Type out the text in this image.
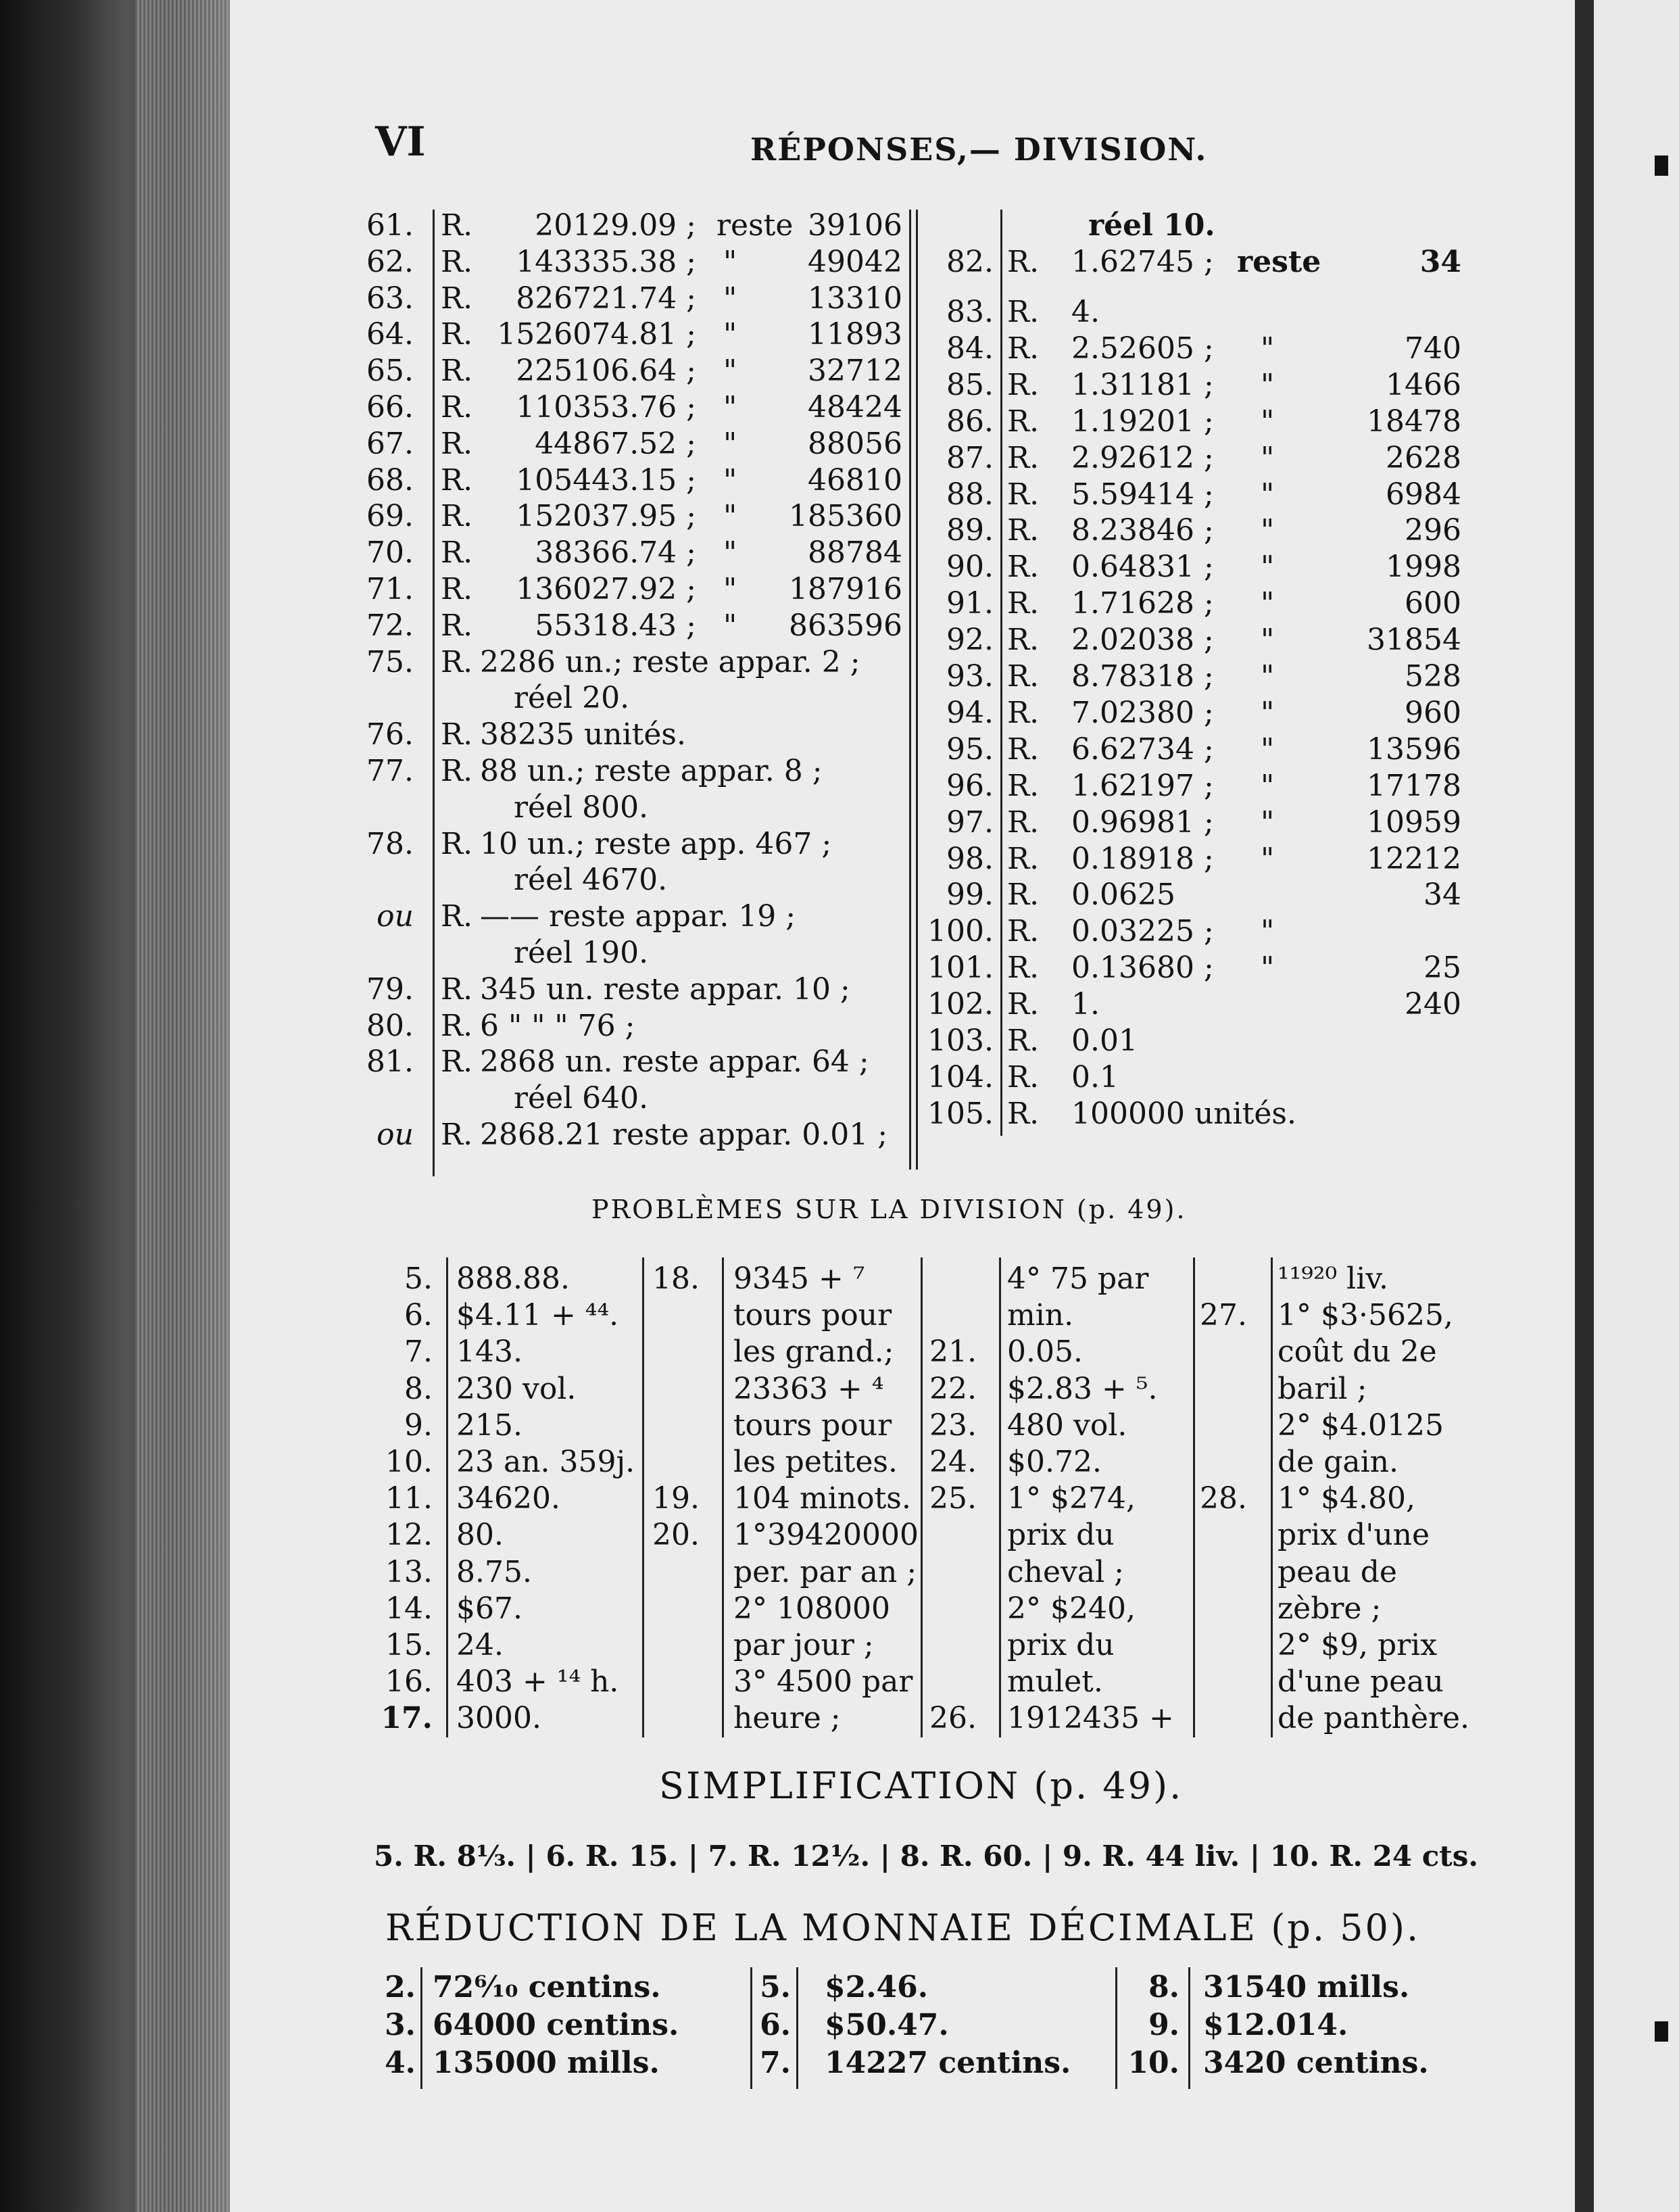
VI	RÉPONSES,— DIVISION.
61. R. 20129.09 ; reste 39106
62. R. 143335.38 ; " 49042
63. R. 826721.74 ; " 13310
64. R. 1526074.81 ; " 11893
65. R. 225106.64 ; " 32712
66. R. 110353.76 ; " 48424
67. R. 44867.52 ; " 88056
68. R. 105443.15 ; " 46810
69. R. 152037.95 ; " 185360
70. R. 38366.74 ; " 88784
71. R. 136027.92 ; " 187916
72. R. 55318.43 ; " 863596
75. R. 2286 un.; reste appar. 2 ;
réel 20.
76. R. 38235 unités.
77. R. 88 un.; reste appar. 8 ;
réel 800.
78. R. 10 un.; reste app. 467 ;
réel 4670.
ou R. —— reste appar. 19 ;
réel 190.
79. R. 345 un. reste appar. 10 ;
80. R. 6 " " " 76 ;
81. R. 2868 un. reste appar. 64 ;
réel 640.
ou R. 2868.21 reste appar. 0.01 ;
réel 10.
82. R. 1.62745 ; reste	34
83. R. 4.
84. R. 2.52605 ; "	740
85. R. 1.31181 ; "	1466
86. R. 1.19201 ; "	18478
87. R. 2.92612 ; "	2628
88. R. 5.59414 ; "	6984
89. R. 8.23846 ; "	296
90. R. 0.64831 ; "	1998
91. R. 1.71628 ; "	600
92. R. 2.02038 ; "	31854
93. R. 8.78318 ; "	528
94. R. 7.02380 ; "	960
95. R. 6.62734 ; "	13596
96. R. 1.62197 ; "	17178
97. R. 0.96981 ; "	10959
98. R. 0.18918 ; "	12212
99. R. 0.0625	34
100. R. 0.03225 ; "
101. R. 0.13680 ; "	25
102. R. 1.	240
103. R. 0.01
104. R. 0.1
105. R. 100000 unités.
PROBLÈMES SUR LA DIVISION (p. 49).
5. 888.88.
6. $4.11 + ⁴⁴.
7. 143.
8. 230 vol.
9. 215.
10. 23 an. 359j.
11. 34620.
12. 80.
13. 8.75.
14. $67.
15. 24.
16. 403 + ¹⁴ h.
17. 3000.
18. 9345 + ⁷
tours pour
les grand.;
23363 + ⁴
tours pour
les petites.
19. 104 minots.
20. 1°39420000
per. par an ;
2° 108000
par jour ;
3° 4500 par
heure ;
4° 75 par
min.
21. 0.05.
22. $2.83 + ⁵.
23. 480 vol.
24. $0.72.
25. 1° $274,
prix du
cheval ;
2° $240,
prix du
mulet.
26. 1912435 +
¹¹⁹²⁰ liv.
27. 1° $3·5625,
coût du 2e
baril ;
2° $4.0125
de gain.
28. 1° $4.80,
prix d'une
peau de
zèbre ;
2° $9, prix
d'une peau
de panthère.
SIMPLIFICATION (p. 49).
5. R. 8⅓. | 6. R. 15. | 7. R. 12½. | 8. R. 60. | 9. R. 44 liv. | 10. R. 24 cts.
RÉDUCTION DE LA MONNAIE DÉCIMALE (p. 50).
2. 72⁶⁄₁₀ centins.	5. $2.46.	8. 31540 mills.
3. 64000 centins.	6. $50.47.	9. $12.014.
4. 135000 mills.	7. 14227 centins. 10. 3420 centins.
